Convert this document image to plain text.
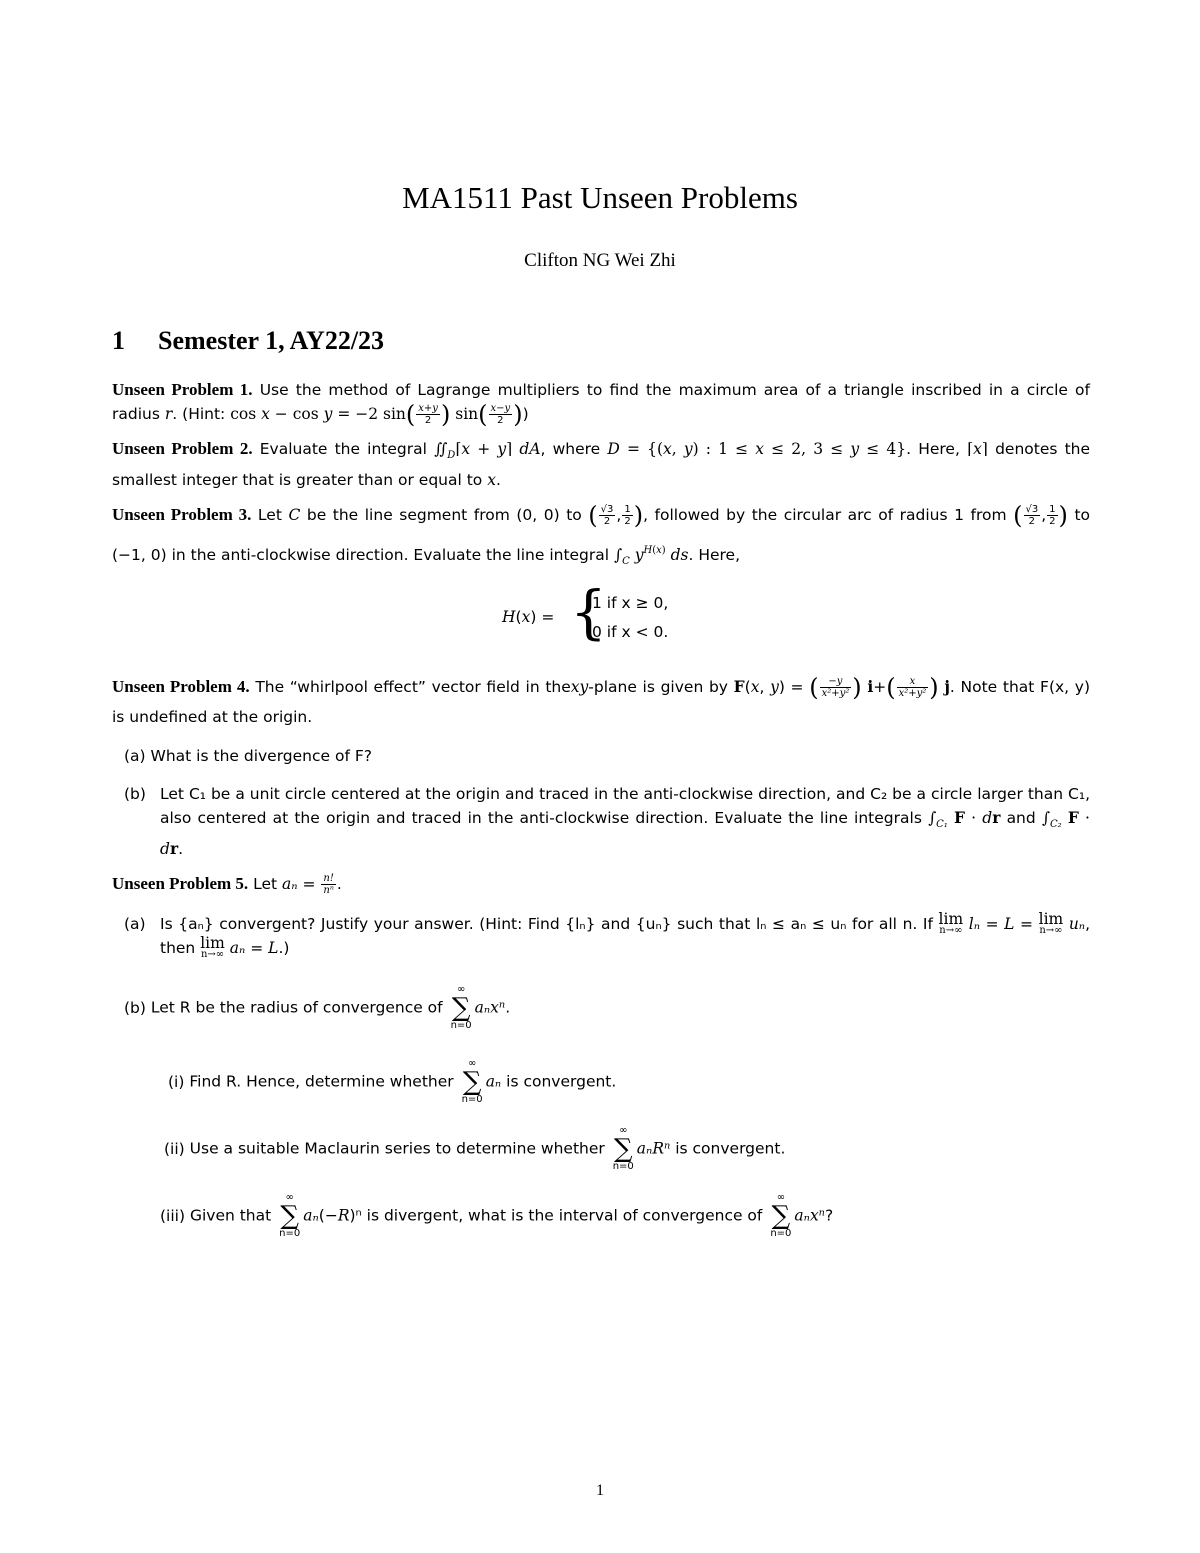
MA1511 Past Unseen Problems
Clifton NG Wei Zhi
1 Semester 1, AY22/23
Unseen Problem 1. Use the method of Lagrange multipliers to find the maximum area of a triangle inscribed in a circle of radius r. (Hint: cos x − cos y = −2 $\sin( \frac{x+y}{2}$ ) $\sin( \frac{x-y}{2}$ ))
Unseen Problem 2. Evaluate the integral $∬_D⌈x$ + y⌉ dA, where D = {(x, y) : 1 ≤ x ≤ 2, 3 ≤ y ≤ 4}. Here, ⌈x⌉ denotes the smallest integer that is greater than or equal to x.
Unseen Problem 3. Let C be the line segment from (0, 0) to ( $\frac{√3}{2}$ , $\frac{1}{2}$ ), followed by the circular arc of radius 1 from ( $\frac{√3}{2}$ , $\frac{1}{2}$ ) to (−1, 0) in the anti-clockwise direction. Evaluate the line integral $\int_C$ $y^{H(x)}$ ds. Here,
H(x) = {
1 if x ≥ 0,
0 if x < 0.
Unseen Problem 4. The “whirlpool effect” vector field in thexy-plane is given by F(x, y) = ( $\frac{-y}{\text{x²+y²}}$ ) $i+( \frac{x}{\text{x²+y²}}$ ) j. Note that F(x, y) is undefined at the origin.
(a) What is the divergence of F?
(b) Let C₁ be a unit circle centered at the origin and traced in the anti-clockwise direction, and C₂ be a circle larger than C₁, also centered at the origin and traced in the anti-clockwise direction. Evaluate the line integrals $\int_{C_1}$ F · dr and $\int_{C_2}$ F · dr.
Unseen Problem 5. Let $a_n = \frac{n!}{\text{nⁿ}}$ .
(a) Is {aₙ} convergent? Justify your answer. (Hint: Find {lₙ} and {uₙ} such that lₙ ≤ aₙ ≤ uₙ for all n. If lim
n→∞ lₙ = L = lim
n→∞ uₙ, then lim
n→∞ aₙ = L.)
(b) Let R be the radius of convergence of ∞
∑
n=0aₙxⁿ.
(i) Find R. Hence, determine whether ∞
∑
n=0aₙ is convergent.
(ii) Use a suitable Maclaurin series to determine whether ∞
∑
n=0aₙRⁿ is convergent.
(iii) Given that ∞
∑
n=0aₙ(−R)ⁿ is divergent, what is the interval of convergence of ∞
∑
n=0aₙxⁿ?
1
